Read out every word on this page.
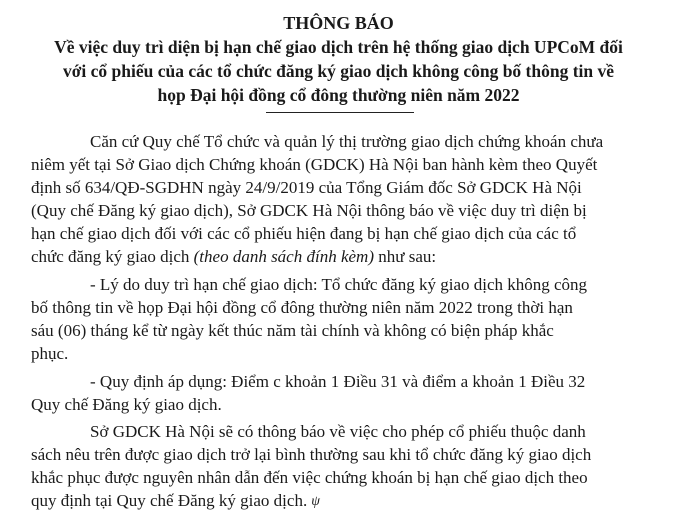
THÔNG BÁO
Về việc duy trì diện bị hạn chế giao dịch trên hệ thống giao dịch UPCoM đối
với cổ phiếu của các tổ chức đăng ký giao dịch không công bố thông tin về
họp Đại hội đồng cổ đông thường niên năm 2022
Căn cứ Quy chế Tổ chức và quản lý thị trường giao dịch chứng khoán chưa
niêm yết tại Sở Giao dịch Chứng khoán (GDCK) Hà Nội ban hành kèm theo Quyết
định số 634/QĐ-SGDHN ngày 24/9/2019 của Tổng Giám đốc Sở GDCK Hà Nội
(Quy chế Đăng ký giao dịch), Sở GDCK Hà Nội thông báo về việc duy trì diện bị
hạn chế giao dịch đối với các cổ phiếu hiện đang bị hạn chế giao dịch của các tổ
chức đăng ký giao dịch (theo danh sách đính kèm) như sau:
- Lý do duy trì hạn chế giao dịch: Tổ chức đăng ký giao dịch không công
bố thông tin về họp Đại hội đồng cổ đông thường niên năm 2022 trong thời hạn
sáu (06) tháng kể từ ngày kết thúc năm tài chính và không có biện pháp khắc
phục.
- Quy định áp dụng: Điểm c khoản 1 Điều 31 và điểm a khoản 1 Điều 32
Quy chế Đăng ký giao dịch.
Sở GDCK Hà Nội sẽ có thông báo về việc cho phép cổ phiếu thuộc danh
sách nêu trên được giao dịch trở lại bình thường sau khi tổ chức đăng ký giao dịch
khắc phục được nguyên nhân dẫn đến việc chứng khoán bị hạn chế giao dịch theo
quy định tại Quy chế Đăng ký giao dịch. ψ
